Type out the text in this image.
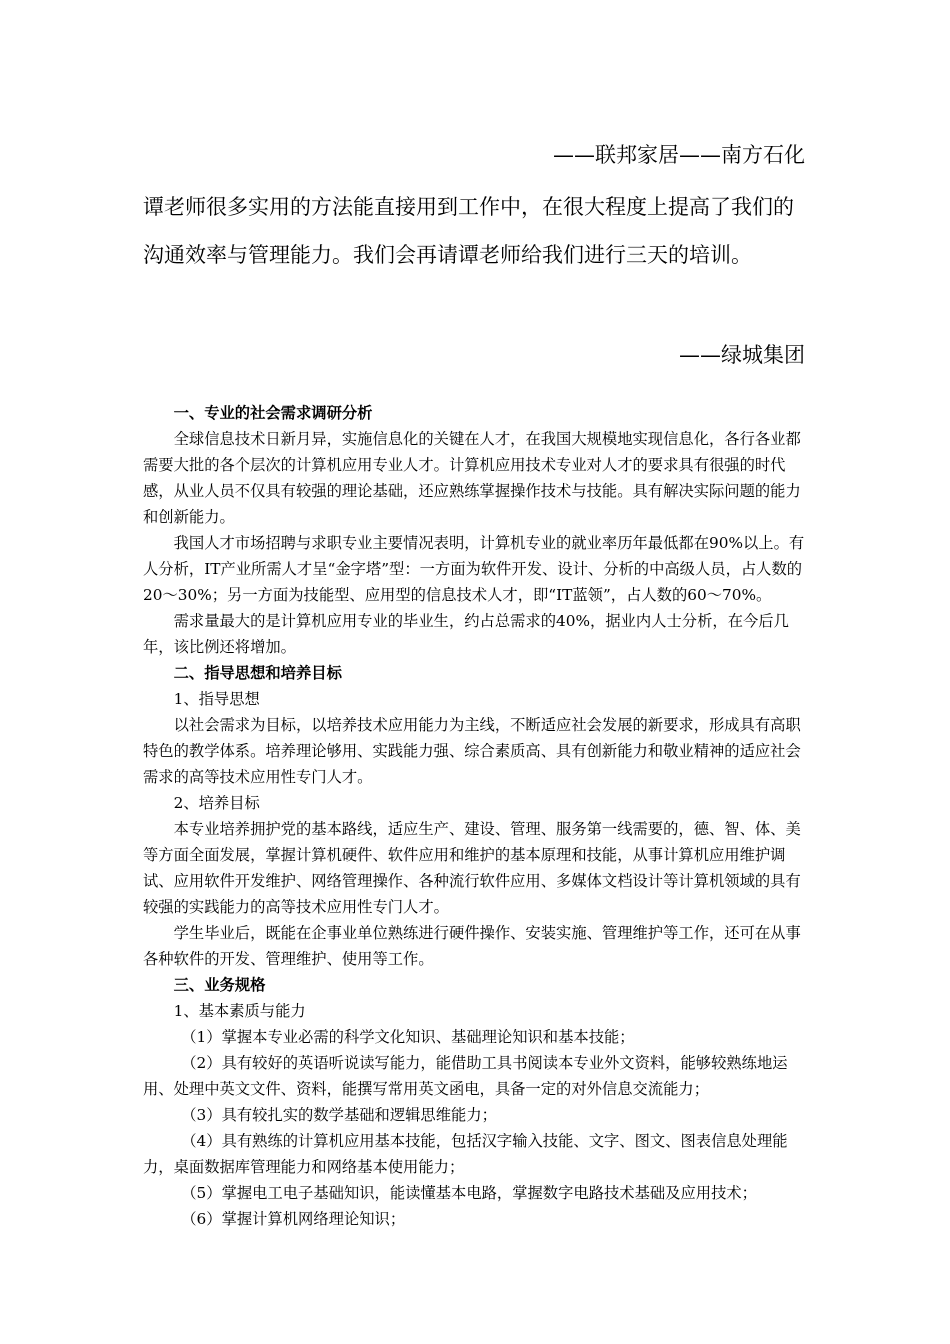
——联邦家居——南方石化
谭老师很多实用的方法能直接用到工作中，在很大程度上提高了我们的沟通效率与管理能力。我们会再请谭老师给我们进行三天的培训。
——绿城集团

一、专业的社会需求调研分析

全球信息技术日新月异，实施信息化的关键在人才，在我国大规模地实现信息化，各行各业都需要大批的各个层次的计算机应用专业人才。计算机应用技术专业对人才的要求具有很强的时代感，从业人员不仅具有较强的理论基础，还应熟练掌握操作技术与技能。具有解决实际问题的能力和创新能力。

我国人才市场招聘与求职专业主要情况表明，计算机专业的就业率历年最低都在90%以上。有人分析，IT产业所需人才呈“金字塔”型：一方面为软件开发、设计、分析的中高级人员，占人数的20～30%；另一方面为技能型、应用型的信息技术人才，即“IT蓝领”，占人数的60～70%。

需求量最大的是计算机应用专业的毕业生，约占总需求的40%，据业内人士分析，在今后几年，该比例还将增加。

二、指导思想和培养目标

1、指导思想

以社会需求为目标，以培养技术应用能力为主线，不断适应社会发展的新要求，形成具有高职特色的教学体系。培养理论够用、实践能力强、综合素质高、具有创新能力和敬业精神的适应社会需求的高等技术应用性专门人才。

2、培养目标

本专业培养拥护党的基本路线，适应生产、建设、管理、服务第一线需要的，德、智、体、美等方面全面发展，掌握计算机硬件、软件应用和维护的基本原理和技能，从事计算机应用维护调试、应用软件开发维护、网络管理操作、各种流行软件应用、多媒体文档设计等计算机领域的具有较强的实践能力的高等技术应用性专门人才。

学生毕业后，既能在企事业单位熟练进行硬件操作、安装实施、管理维护等工作，还可在从事各种软件的开发、管理维护、使用等工作。

三、业务规格

1、基本素质与能力

（1）掌握本专业必需的科学文化知识、基础理论知识和基本技能；

（2）具有较好的英语听说读写能力，能借助工具书阅读本专业外文资料，能够较熟练地运用、处理中英文文件、资料，能撰写常用英文函电，具备一定的对外信息交流能力；

（3）具有较扎实的数学基础和逻辑思维能力；

（4）具有熟练的计算机应用基本技能，包括汉字输入技能、文字、图文、图表信息处理能力，桌面数据库管理能力和网络基本使用能力；

（5）掌握电工电子基础知识，能读懂基本电路，掌握数字电路技术基础及应用技术；

（6）掌握计算机网络理论知识；
